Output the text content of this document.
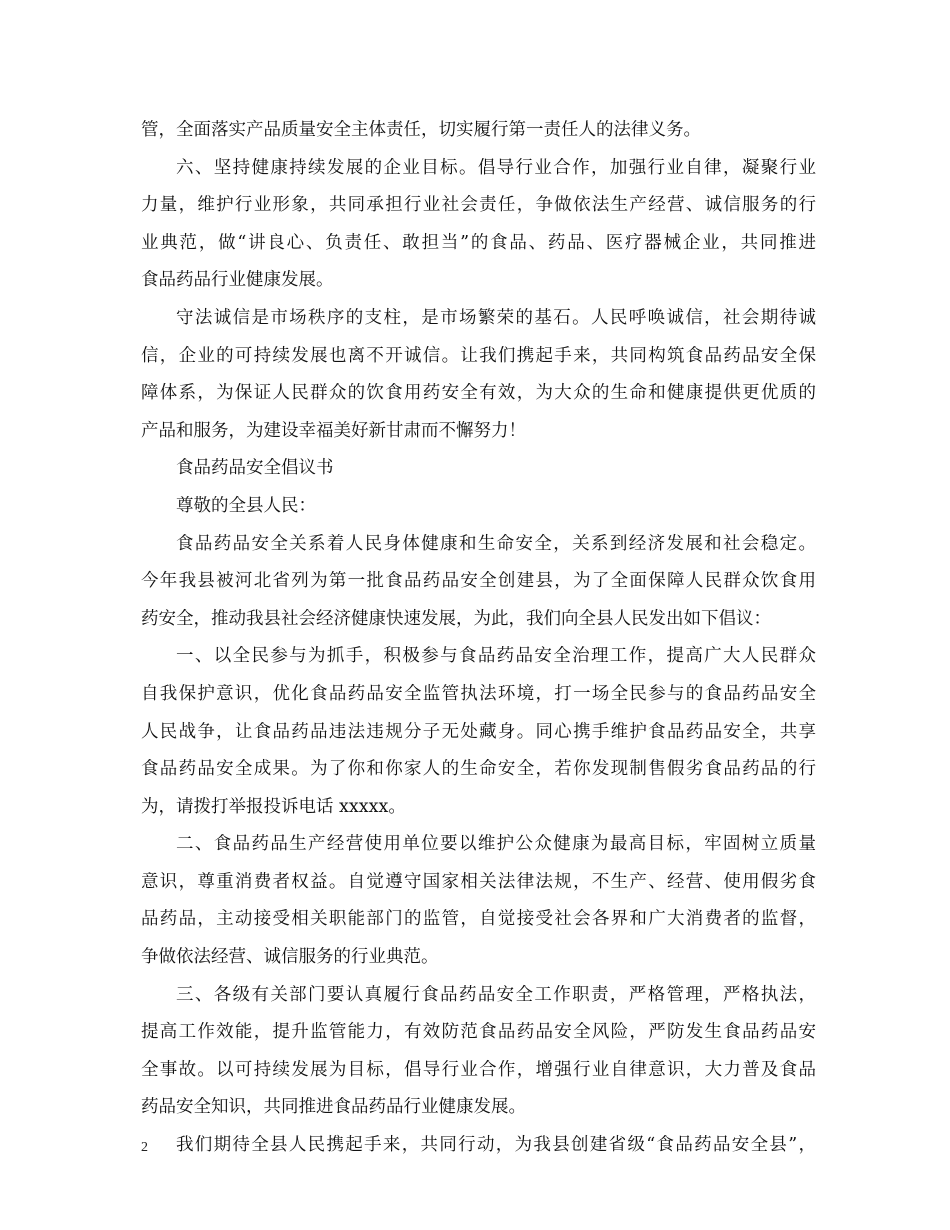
管，全面落实产品质量安全主体责任，切实履行第一责任人的法律义务。
六、坚持健康持续发展的企业目标。倡导行业合作，加强行业自律，凝聚行业
力量，维护行业形象，共同承担行业社会责任，争做依法生产经营、诚信服务的行
业典范，做“讲良心、负责任、敢担当”的食品、药品、医疗器械企业，共同推进
食品药品行业健康发展。
守法诚信是市场秩序的支柱，是市场繁荣的基石。人民呼唤诚信，社会期待诚
信，企业的可持续发展也离不开诚信。让我们携起手来，共同构筑食品药品安全保
障体系，为保证人民群众的饮食用药安全有效，为大众的生命和健康提供更优质的
产品和服务，为建设幸福美好新甘肃而不懈努力！
食品药品安全倡议书
尊敬的全县人民：
食品药品安全关系着人民身体健康和生命安全，关系到经济发展和社会稳定。
今年我县被河北省列为第一批食品药品安全创建县，为了全面保障人民群众饮食用
药安全，推动我县社会经济健康快速发展，为此，我们向全县人民发出如下倡议：
一、以全民参与为抓手，积极参与食品药品安全治理工作，提高广大人民群众
自我保护意识，优化食品药品安全监管执法环境，打一场全民参与的食品药品安全
人民战争，让食品药品违法违规分子无处藏身。同心携手维护食品药品安全，共享
食品药品安全成果。为了你和你家人的生命安全，若你发现制售假劣食品药品的行
为，请拨打举报投诉电话 xxxxx。
二、食品药品生产经营使用单位要以维护公众健康为最高目标，牢固树立质量
意识，尊重消费者权益。自觉遵守国家相关法律法规，不生产、经营、使用假劣食
品药品，主动接受相关职能部门的监管，自觉接受社会各界和广大消费者的监督，
争做依法经营、诚信服务的行业典范。
三、各级有关部门要认真履行食品药品安全工作职责，严格管理，严格执法，
提高工作效能，提升监管能力，有效防范食品药品安全风险，严防发生食品药品安
全事故。以可持续发展为目标，倡导行业合作，增强行业自律意识，大力普及食品
药品安全知识，共同推进食品药品行业健康发展。
我们期待全县人民携起手来，共同行动，为我县创建省级“食品药品安全县”，
2
